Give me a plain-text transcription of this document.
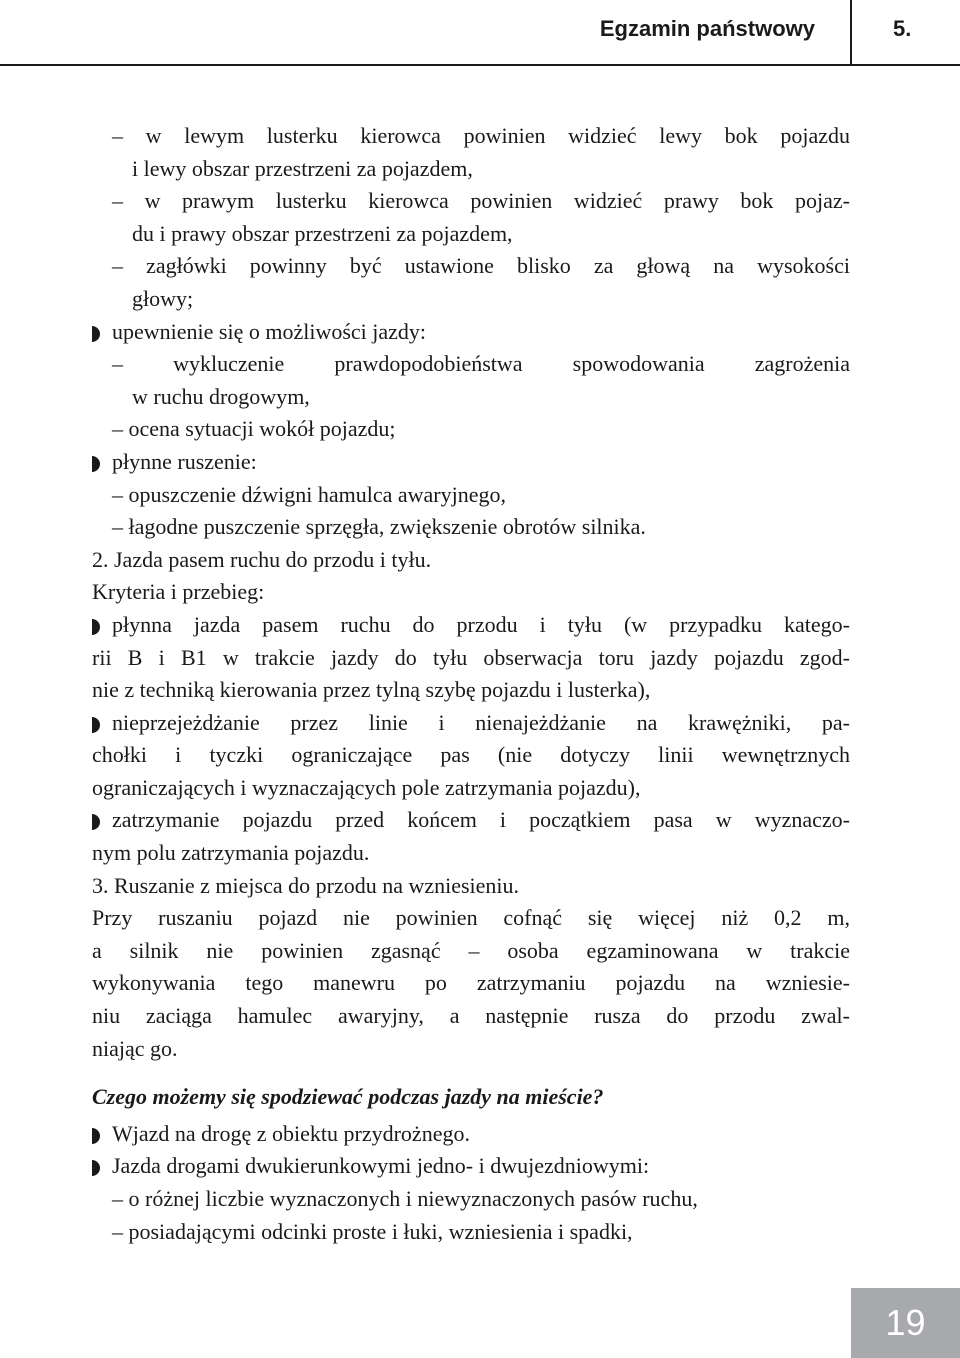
Egzamin państwowy	5.

– w lewym lusterku kierowca powinien widzieć lewy bok pojazdu

i lewy obszar przestrzeni za pojazdem,

– w prawym lusterku kierowca powinien widzieć prawy bok pojaz-

du i prawy obszar przestrzeni za pojazdem,

– zagłówki powinny być ustawione blisko za głową na wysokości

głowy;

upewnienie się o możliwości jazdy:

– wykluczenie prawdopodobieństwa spowodowania zagrożenia

w ruchu drogowym,

– ocena sytuacji wokół pojazdu;

płynne ruszenie:

– opuszczenie dźwigni hamulca awaryjnego,

– łagodne puszczenie sprzęgła, zwiększenie obrotów silnika.

2. Jazda pasem ruchu do przodu i tyłu.

Kryteria i przebieg:

płynna jazda pasem ruchu do przodu i tyłu (w przypadku katego-

rii B i B1 w trakcie jazdy do tyłu obserwacja toru jazdy pojazdu zgod-

nie z techniką kierowania przez tylną szybę pojazdu i lusterka),

nieprzejeżdżanie przez linie i nienajeżdżanie na krawężniki, pa-

chołki i tyczki ograniczające pas (nie dotyczy linii wewnętrznych

ograniczających i wyznaczających pole zatrzymania pojazdu),

zatrzymanie pojazdu przed końcem i początkiem pasa w wyznaczo-

nym polu zatrzymania pojazdu.

3. Ruszanie z miejsca do przodu na wzniesieniu.

Przy ruszaniu pojazd nie powinien cofnąć się więcej niż 0,2 m,

a silnik nie powinien zgasnąć – osoba egzaminowana w trakcie

wykonywania tego manewru po zatrzymaniu pojazdu na wzniesie-

niu zaciąga hamulec awaryjny, a następnie rusza do przodu zwal-

niając go.

Czego możemy się spodziewać podczas jazdy na mieście?

Wjazd na drogę z obiektu przydrożnego.

Jazda drogami dwukierunkowymi jedno- i dwujezdniowymi:

– o różnej liczbie wyznaczonych i niewyznaczonych pasów ruchu,

– posiadającymi odcinki proste i łuki, wzniesienia i spadki,

19
